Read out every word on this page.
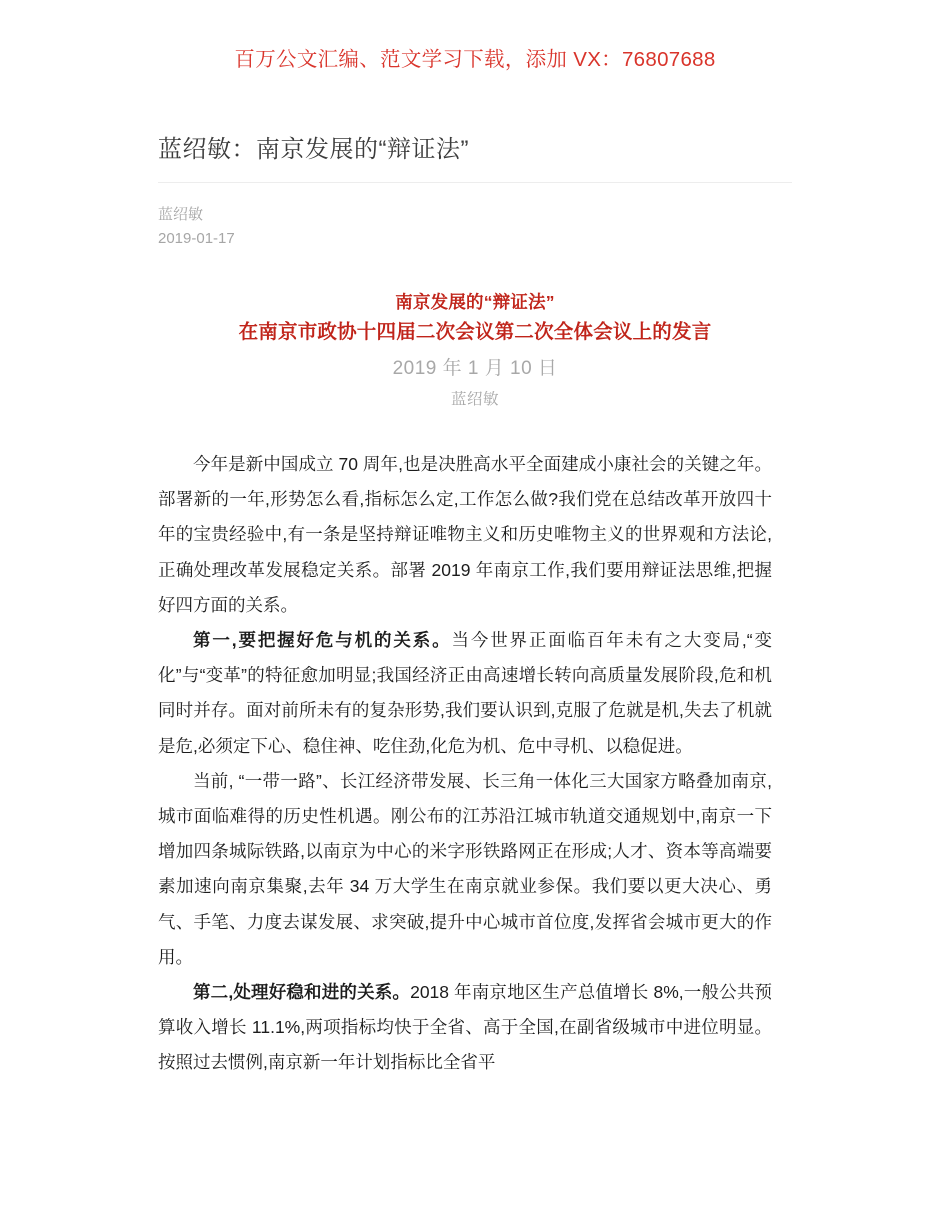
百万公文汇编、范文学习下载，添加 VX：76807688
蓝绍敏：南京发展的“辩证法”
蓝绍敏
2019-01-17
南京发展的“辩证法”
在南京市政协十四届二次会议第二次全体会议上的发言
2019 年 1 月 10 日
蓝绍敏

今年是新中国成立 70 周年,也是决胜高水平全面建成小康社会的关键之年。部署新的一年,形势怎么看,指标怎么定,工作怎么做?我们党在总结改革开放四十年的宝贵经验中,有一条是坚持辩证唯物主义和历史唯物主义的世界观和方法论,正确处理改革发展稳定关系。部署 2019 年南京工作,我们要用辩证法思维,把握好四方面的关系。

第一,要把握好危与机的关系。当今世界正面临百年未有之大变局,“变化”与“变革”的特征愈加明显;我国经济正由高速增长转向高质量发展阶段,危和机同时并存。面对前所未有的复杂形势,我们要认识到,克服了危就是机,失去了机就是危,必须定下心、稳住神、吃住劲,化危为机、危中寻机、以稳促进。

当前, “一带一路”、长江经济带发展、长三角一体化三大国家方略叠加南京,城市面临难得的历史性机遇。刚公布的江苏沿江城市轨道交通规划中,南京一下增加四条城际铁路,以南京为中心的米字形铁路网正在形成;人才、资本等高端要素加速向南京集聚,去年 34 万大学生在南京就业参保。我们要以更大决心、勇气、手笔、力度去谋发展、求突破,提升中心城市首位度,发挥省会城市更大的作用。

第二,处理好稳和进的关系。2018 年南京地区生产总值增长 8%,一般公共预算收入增长 11.1%,两项指标均快于全省、高于全国,在副省级城市中进位明显。按照过去惯例,南京新一年计划指标比全省平
